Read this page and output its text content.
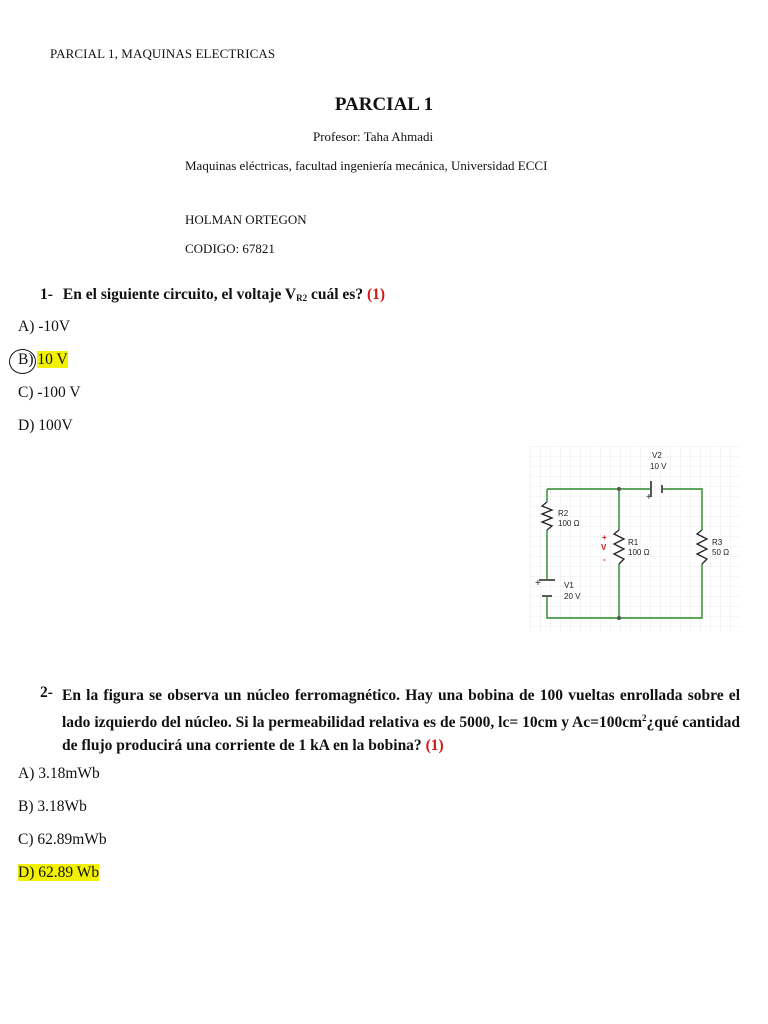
PARCIAL 1, MAQUINAS ELECTRICAS
PARCIAL 1
Profesor: Taha Ahmadi
Maquinas eléctricas, facultad ingeniería mecánica, Universidad ECCI
HOLMAN ORTEGON
CODIGO: 67821
1- En el siguiente circuito, el voltaje $V_{R2}$ cuál es? (1)
A) -10V
B) 10 V
C) -100 V
D) 100V
V2
10 V
+
R2
100 Ω
R1
100 Ω
R3
50 Ω
+	V1
20 V
+
V
-
2- En la figura se observa un núcleo ferromagnético. Hay una bobina de 100 vueltas enrollada sobre el lado izquierdo del núcleo. Si la permeabilidad relativa es de 5000, lc= 10cm y $Ac=100cm^2¿qué$ cantidad de flujo producirá una corriente de 1 kA en la bobina? (1)
A) 3.18mWb
B) 3.18Wb
C) 62.89mWb
D) 62.89 Wb
